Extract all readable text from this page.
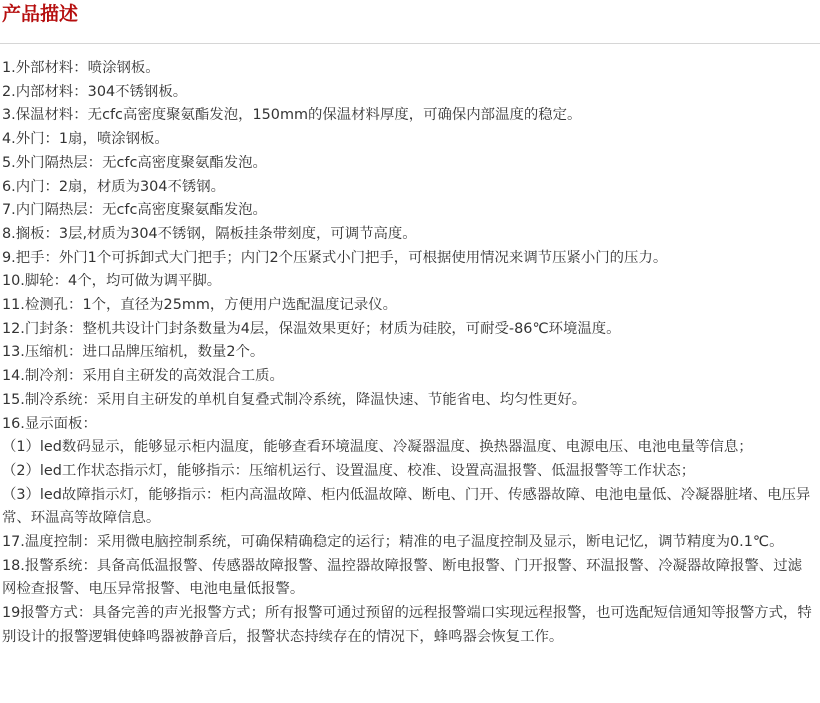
产品描述
1.外部材料：喷涂钢板。
2.内部材料：304不锈钢板。
3.保温材料：无cfc高密度聚氨酯发泡，150mm的保温材料厚度，可确保内部温度的稳定。
4.外门：1扇，喷涂钢板。
5.外门隔热层：无cfc高密度聚氨酯发泡。
6.内门：2扇，材质为304不锈钢。
7.内门隔热层：无cfc高密度聚氨酯发泡。
8.搁板：3层,材质为304不锈钢，隔板挂条带刻度，可调节高度。
9.把手：外门1个可拆卸式大门把手；内门2个压紧式小门把手，可根据使用情况来调节压紧小门的压力。
10.脚轮：4个，均可做为调平脚。
11.检测孔：1个，直径为25mm，方便用户选配温度记录仪。
12.门封条：整机共设计门封条数量为4层，保温效果更好；材质为硅胶，可耐受-86℃环境温度。
13.压缩机：进口品牌压缩机，数量2个。
14.制冷剂：采用自主研发的高效混合工质。
15.制冷系统：采用自主研发的单机自复叠式制冷系统，降温快速、节能省电、均匀性更好。
16.显示面板：
（1）led数码显示，能够显示柜内温度，能够查看环境温度、冷凝器温度、换热器温度、电源电压、电池电量等信息；
（2）led工作状态指示灯，能够指示：压缩机运行、设置温度、校准、设置高温报警、低温报警等工作状态；
（3）led故障指示灯，能够指示：柜内高温故障、柜内低温故障、断电、门开、传感器故障、电池电量低、冷凝器脏堵、电压异常、环温高等故障信息。
17.温度控制：采用微电脑控制系统，可确保精确稳定的运行；精准的电子温度控制及显示，断电记忆，调节精度为0.1℃。
18.报警系统：具备高低温报警、传感器故障报警、温控器故障报警、断电报警、门开报警、环温报警、冷凝器故障报警、过滤网检查报警、电压异常报警、电池电量低报警。
19报警方式：具备完善的声光报警方式；所有报警可通过预留的远程报警端口实现远程报警，也可选配短信通知等报警方式，特别设计的报警逻辑使蜂鸣器被静音后，报警状态持续存在的情况下，蜂鸣器会恢复工作。
